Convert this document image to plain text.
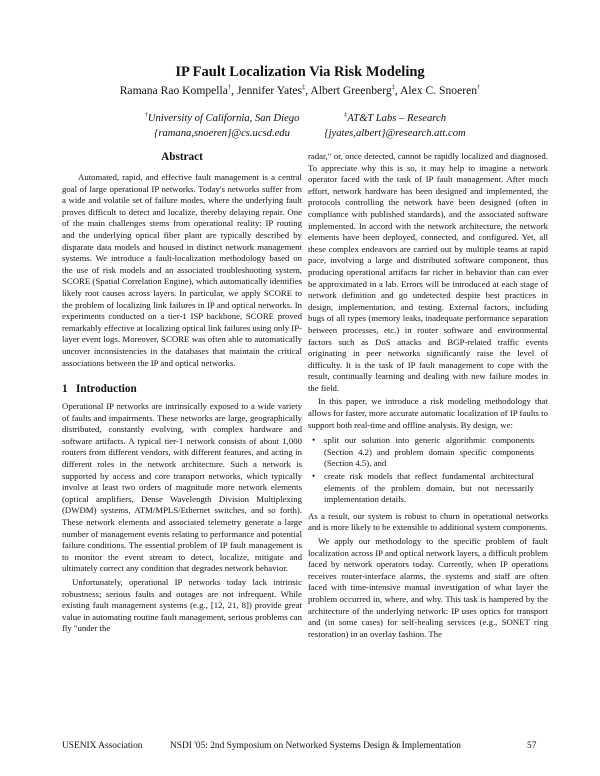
IP Fault Localization Via Risk Modeling
Ramana Rao Kompella†, Jennifer Yates‡, Albert Greenberg‡, Alex C. Snoeren†
†University of California, San Diego
{ramana,snoeren}@cs.ucsd.edu
‡AT&T Labs – Research
{jyates,albert}@research.att.com
Abstract

Automated, rapid, and effective fault management is a central goal of large operational IP networks. Today's networks suffer from a wide and volatile set of failure modes, where the underlying fault proves difficult to detect and localize, thereby delaying repair. One of the main challenges stems from operational reality: IP routing and the underlying optical fiber plant are typically described by disparate data models and housed in distinct network management systems. We introduce a fault-localization methodology based on the use of risk models and an associated troubleshooting system, SCORE (Spatial Correlation Engine), which automatically identifies likely root causes across layers. In particular, we apply SCORE to the problem of localizing link failures in IP and optical networks. In experiments conducted on a tier-1 ISP backbone, SCORE proved remarkably effective at localizing optical link failures using only IP-layer event logs. Moreover, SCORE was often able to automatically uncover inconsistencies in the databases that maintain the critical associations between the IP and optical networks.

1 Introduction

Operational IP networks are intrinsically exposed to a wide variety of faults and impairments. These networks are large, geographically distributed, constantly evolving, with complex hardware and software artifacts. A typical tier-1 network consists of about 1,000 routers from different vendors, with different features, and acting in different roles in the network architecture. Such a network is supported by access and core transport networks, which typically involve at least two orders of magnitude more network elements (optical amplifiers, Dense Wavelength Division Multiplexing (DWDM) systems, ATM/MPLS/Ethernet switches, and so forth). These network elements and associated telemetry generate a large number of management events relating to performance and potential failure conditions. The essential problem of IP fault management is to monitor the event stream to detect, localize, mitigate and ultimately correct any condition that degrades network behavior.

Unfortunately, operational IP networks today lack intrinsic robustness; serious faults and outages are not infrequent. While existing fault management systems (e.g., [12, 21, 8]) provide great value in automating routine fault management, serious problems can fly "under the

radar," or, once detected, cannot be rapidly localized and diagnosed. To appreciate why this is so, it may help to imagine a network operator faced with the task of IP fault management. After much effort, network hardware has been designed and implemented, the protocols controlling the network have been designed (often in compliance with published standards), and the associated software implemented. In accord with the network architecture, the network elements have been deployed, connected, and configured. Yet, all these complex endeavors are carried out by multiple teams at rapid pace, involving a large and distributed software component, thus producing operational artifacts far richer in behavior than can ever be approximated in a lab. Errors will be introduced at each stage of network definition and go undetected despite best practices in design, implementation, and testing. External factors, including bugs of all types (memory leaks, inadequate performance separation between processes, etc.) in router software and environmental factors such as DoS attacks and BGP-related traffic events originating in peer networks significantly raise the level of difficulty. It is the task of IP fault management to cope with the result, continually learning and dealing with new failure modes in the field.

In this paper, we introduce a risk modeling methodology that allows for faster, more accurate automatic localization of IP faults to support both real-time and offline analysis. By design, we:

• split our solution into generic algorithmic components (Section 4.2) and problem domain specific components (Section 4.5), and
• create risk models that reflect fundamental architectural elements of the problem domain, but not necessarily implementation details.

As a result, our system is robust to churn in operational networks and is more likely to be extensible to additional system components.

We apply our methodology to the specific problem of fault localization across IP and optical network layers, a difficult problem faced by network operators today. Currently, when IP operations receives router-interface alarms, the systems and staff are often faced with time-intensive manual investigation of what layer the problem occurred in, where, and why. This task is hampered by the architecture of the underlying network: IP uses optics for transport and (in some cases) for self-healing services (e.g., SONET ring restoration) in an overlay fashion. The

USENIX Association	NSDI '05: 2nd Symposium on Networked Systems Design & Implementation	57
